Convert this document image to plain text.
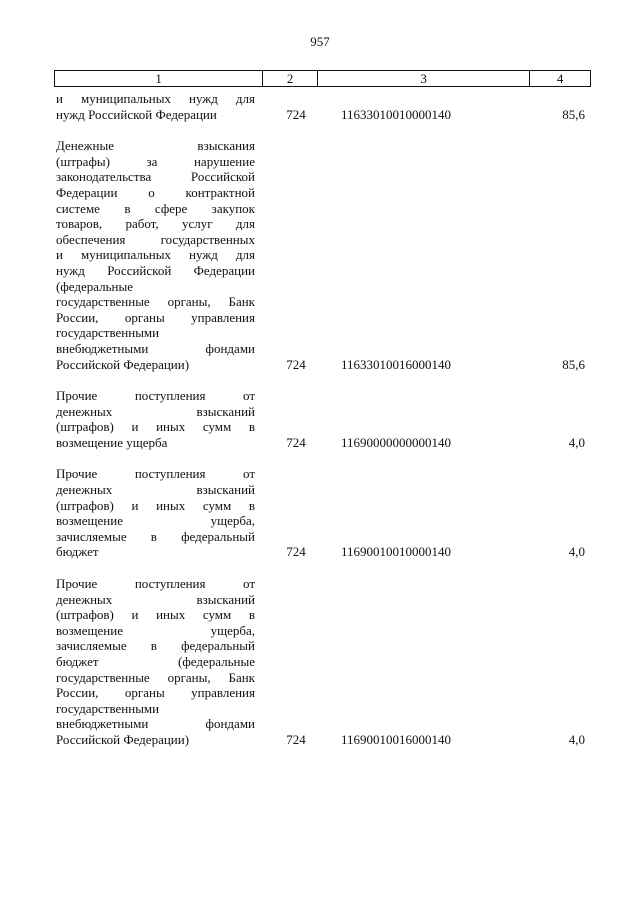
957
1	2	3	4
и муниципальных нужд для
нужд Российской Федерации	724	11633010010000140	85,6
Денежные взыскания
(штрафы) за нарушение
законодательства Российской
Федерации о контрактной
системе в сфере закупок
товаров, работ, услуг для
обеспечения государственных
и муниципальных нужд для
нужд Российской Федерации
(федеральные
государственные органы, Банк
России, органы управления
государственными
внебюджетными фондами
Российской Федерации)	724	11633010016000140	85,6
Прочие поступления от
денежных взысканий
(штрафов) и иных сумм в
возмещение ущерба	724	11690000000000140	4,0
Прочие поступления от
денежных взысканий
(штрафов) и иных сумм в
возмещение ущерба,
зачисляемые в федеральный
бюджет	724	11690010010000140	4,0
Прочие поступления от
денежных взысканий
(штрафов) и иных сумм в
возмещение ущерба,
зачисляемые в федеральный
бюджет (федеральные
государственные органы, Банк
России, органы управления
государственными
внебюджетными фондами
Российской Федерации)	724	11690010016000140	4,0
